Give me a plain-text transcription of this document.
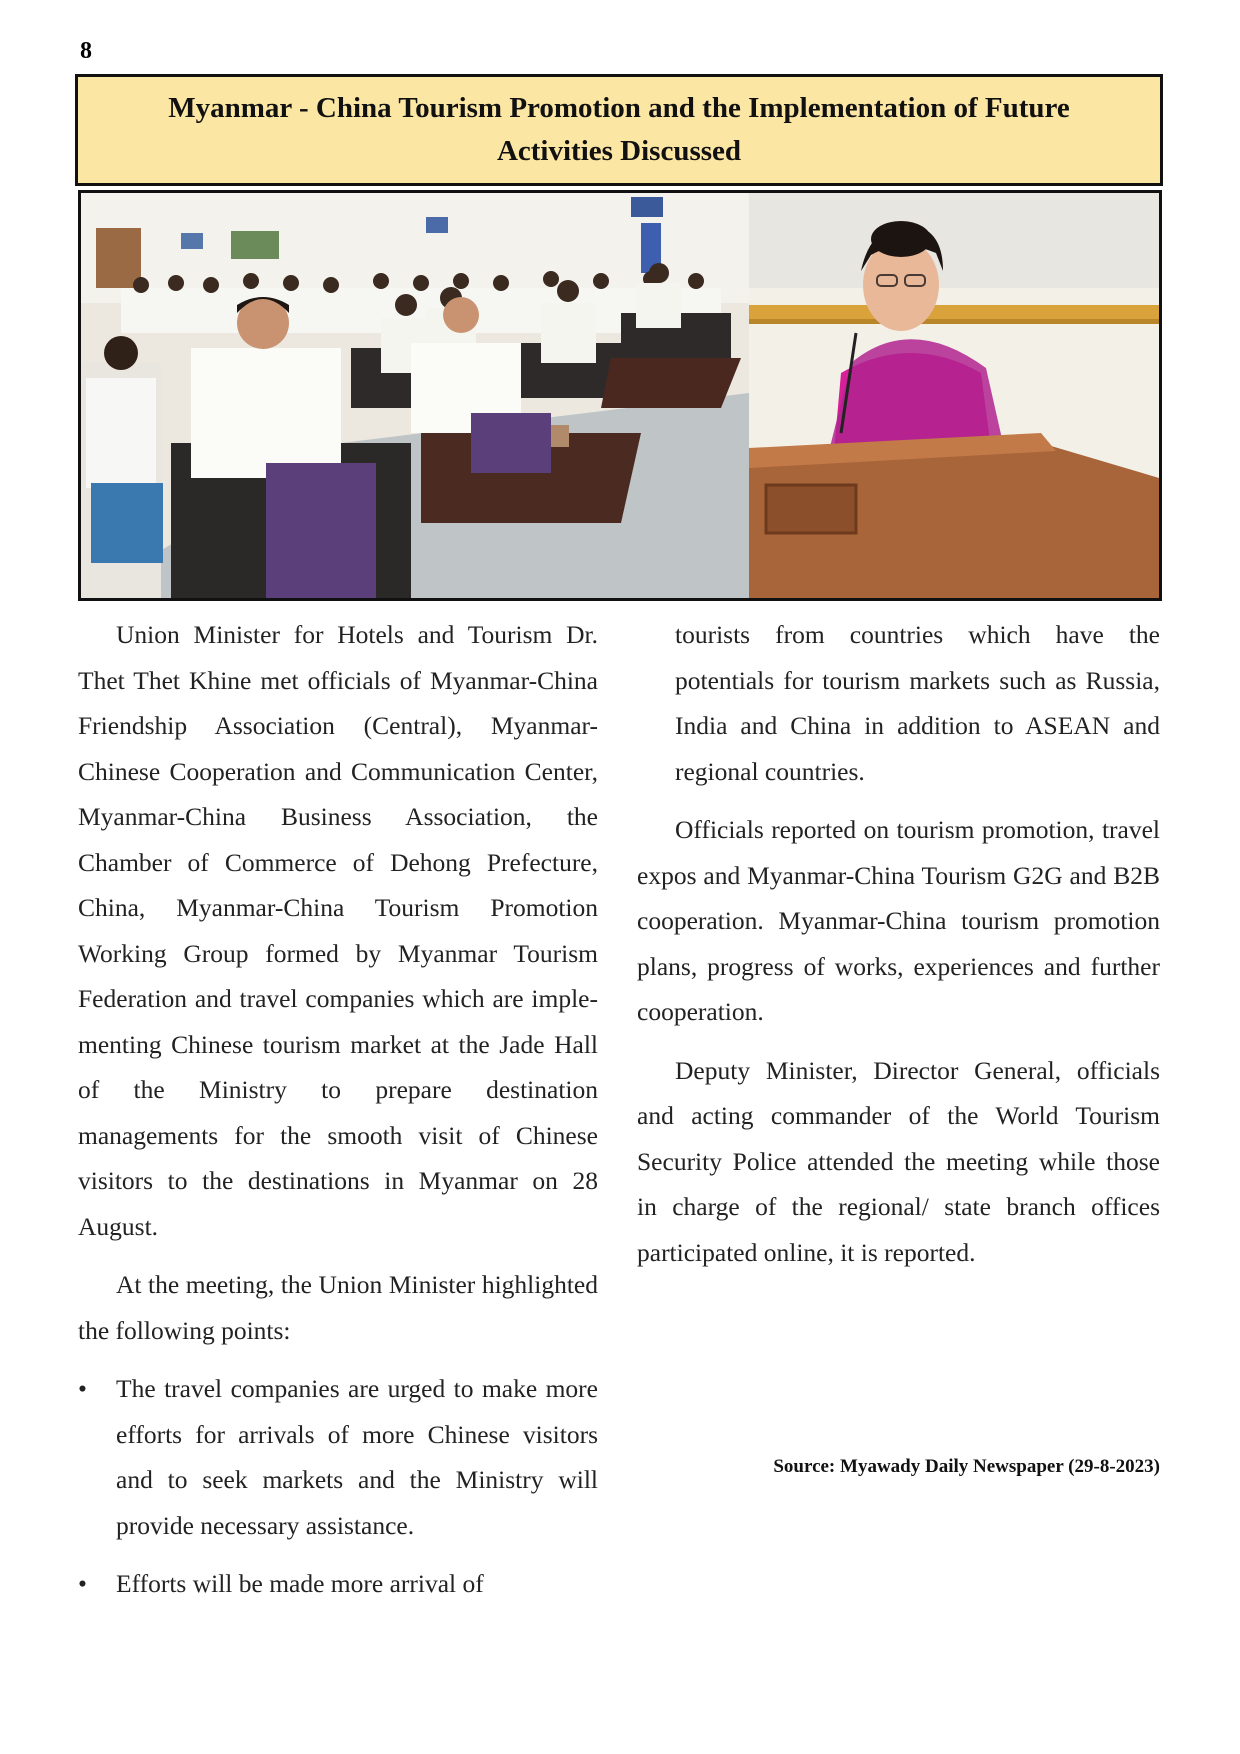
8
Myanmar - China Tourism Promotion and the Implementation of Future Activities Discussed

Union Minister for Hotels and Tourism Dr. Thet Thet Khine met officials of Myanmar-China Friendship Association (Central), Myanmar-Chinese Cooperation and Communication Center, Myanmar-China Business Association, the Chamber of Commerce of Dehong Prefecture, China, Myanmar-China Tourism Promotion Working Group formed by Myanmar Tourism Federation and travel companies which are implementing Chinese tourism market at the Jade Hall of the Ministry to prepare destination managements for the smooth visit of Chinese visitors to the destinations in Myanmar on 28 August.

At the meeting, the Union Minister highlighted the following points:

• The travel companies are urged to make more efforts for arrivals of more Chinese visitors and to seek markets and the Ministry will provide necessary assistance.
• Efforts will be made more arrival of

tourists from countries which have the potentials for tourism markets such as Russia, India and China in addition to ASEAN and regional countries.

Officials reported on tourism promotion, travel expos and Myanmar-China Tourism G2G and B2B cooperation. Myanmar-China tourism promotion plans, progress of works, experiences and further cooperation.

Deputy Minister, Director General, officials and acting commander of the World Tourism Security Police attended the meeting while those in charge of the regional/ state branch offices participated online, it is reported.

Source: Myawady Daily Newspaper (29-8-2023)
